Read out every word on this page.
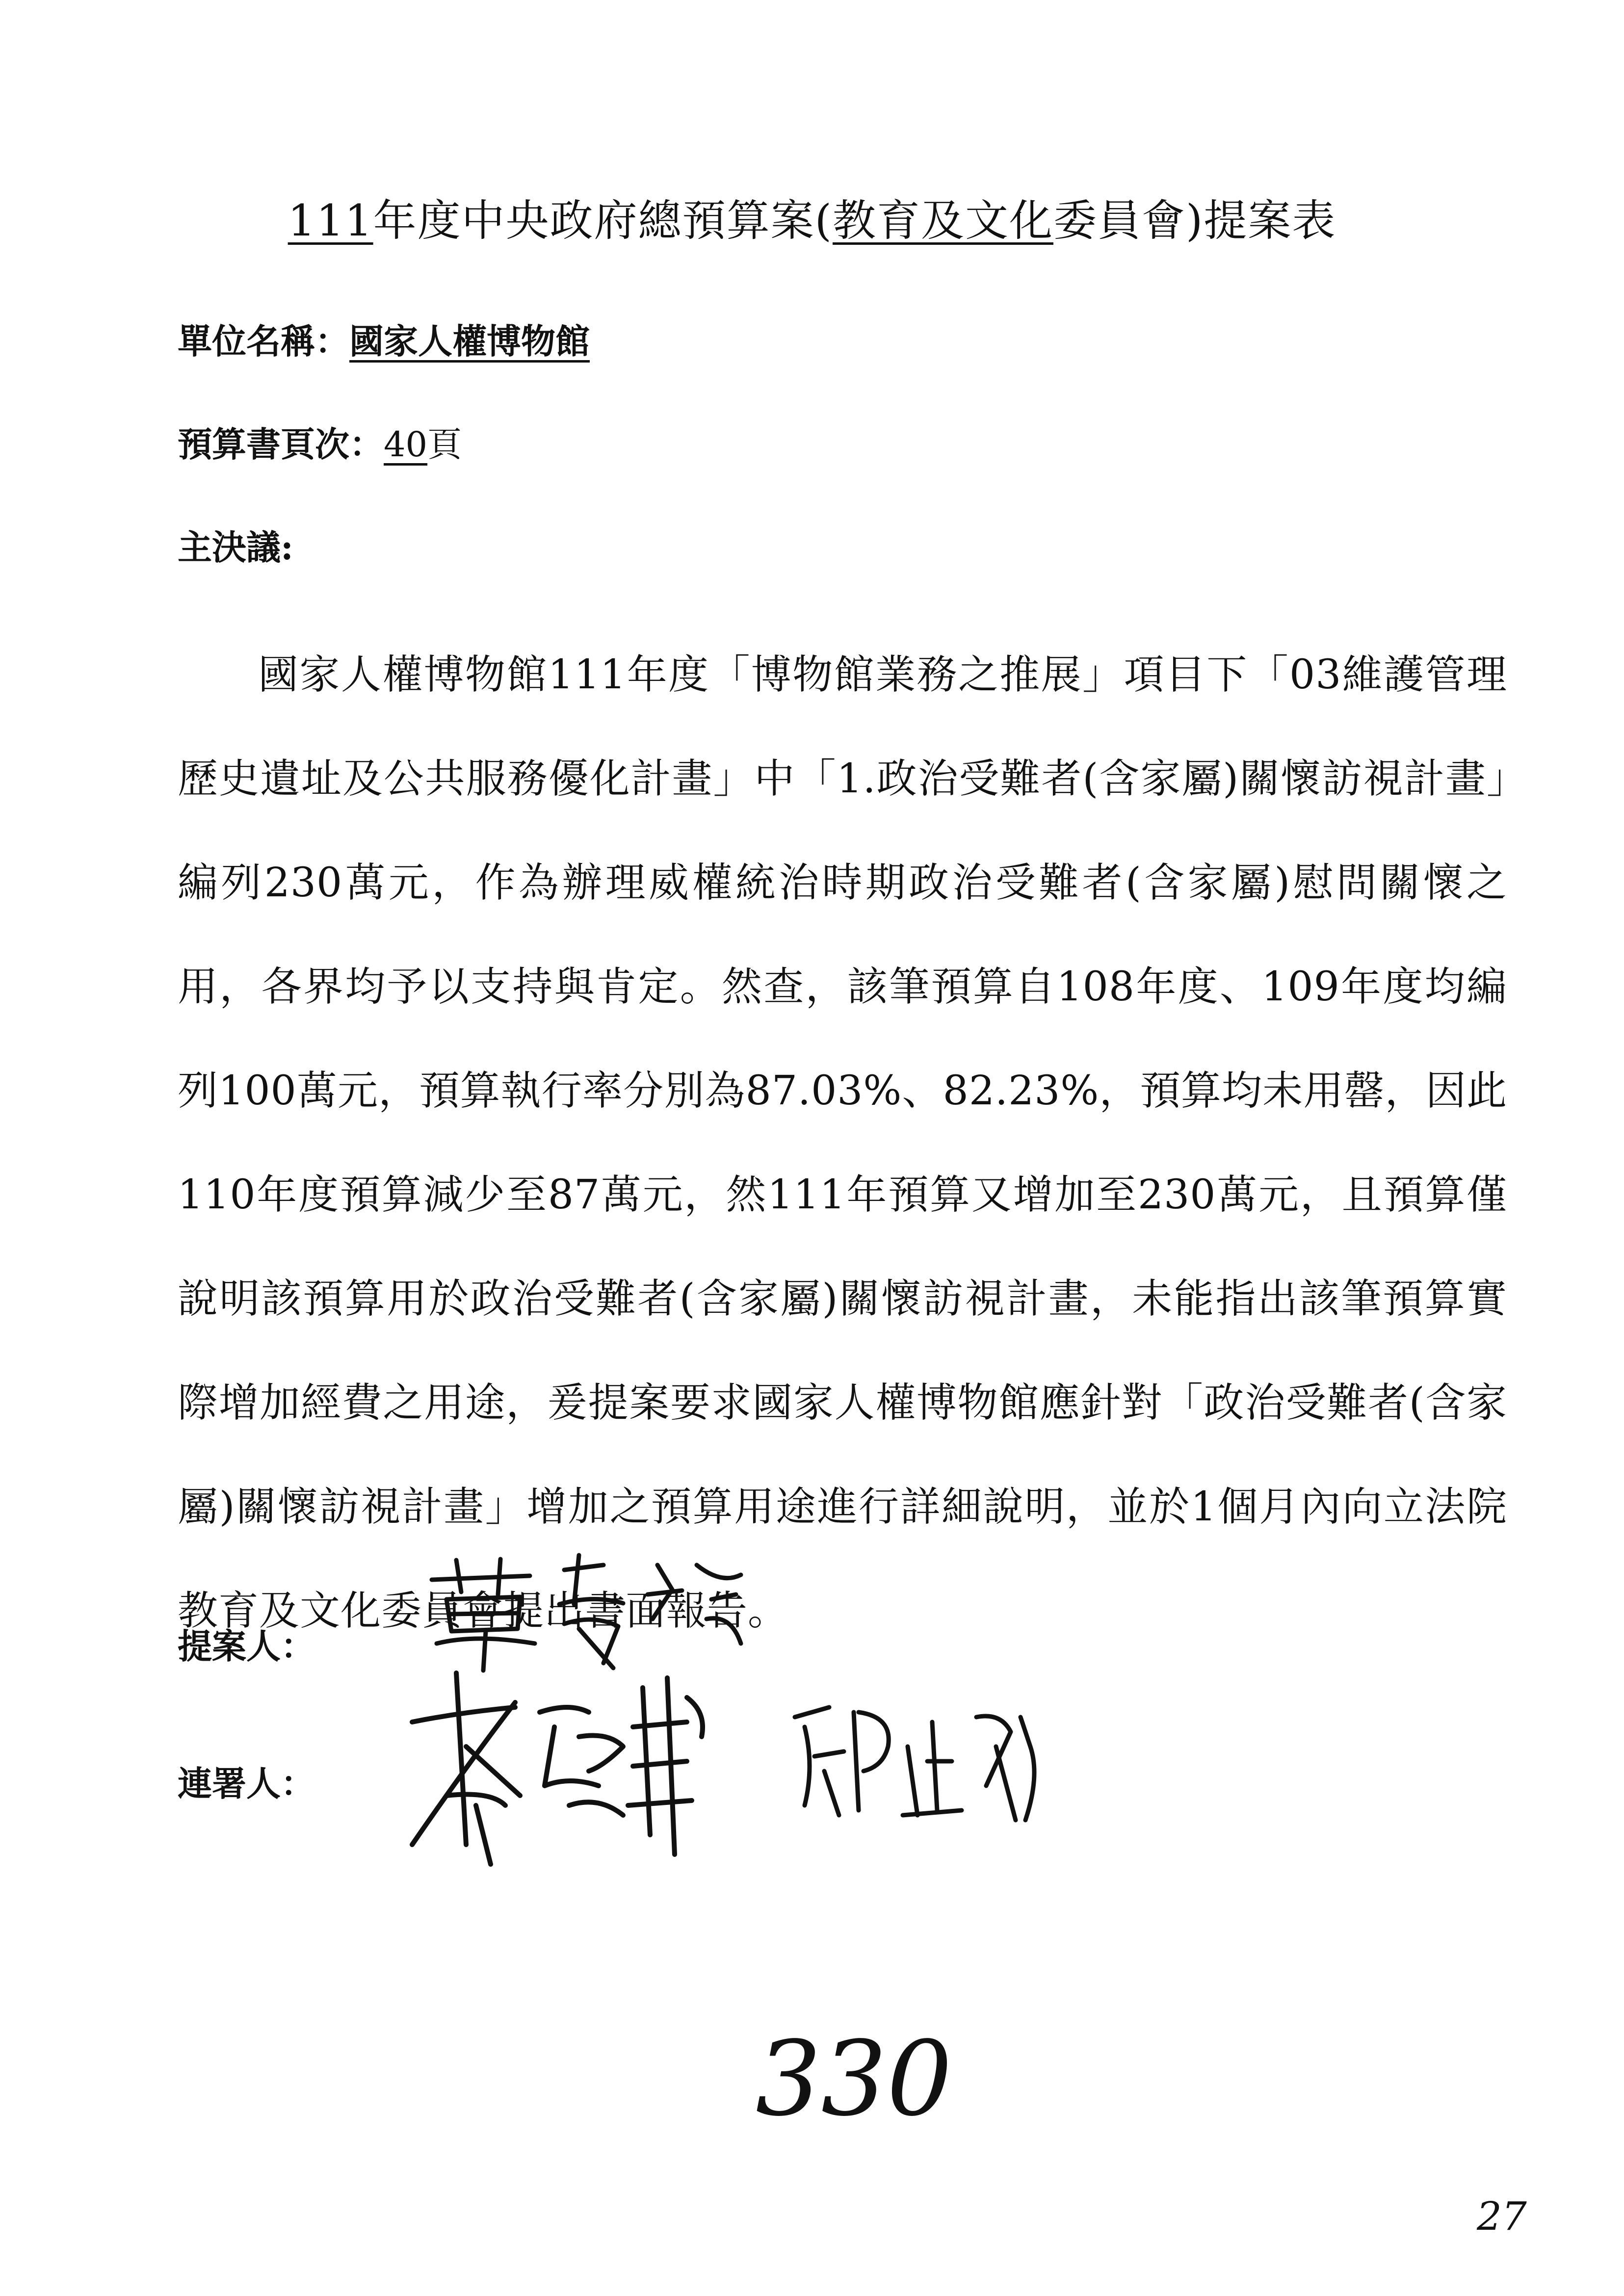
111年度中央政府總預算案(教育及文化委員會)提案表
單位名稱：國家人權博物館
預算書頁次：40頁
主決議:
國家人權博物館111年度「博物館業務之推展」項目下「03維護管理歷史遺址及公共服務優化計畫」中「1.政治受難者(含家屬)關懷訪視計畫」編列230萬元，作為辦理威權統治時期政治受難者(含家屬)慰問關懷之用，各界均予以支持與肯定。然查，該筆預算自108年度、109年度均編列100萬元，預算執行率分別為87.03%、82.23%，預算均未用罄，因此110年度預算減少至87萬元，然111年預算又增加至230萬元，且預算僅說明該預算用於政治受難者(含家屬)關懷訪視計畫，未能指出該筆預算實際增加經費之用途，爰提案要求國家人權博物館應針對「政治受難者(含家屬)關懷訪視計畫」增加之預算用途進行詳細說明，並於1個月內向立法院教育及文化委員會提出書面報告。
提案人：
連署人：
330
27
